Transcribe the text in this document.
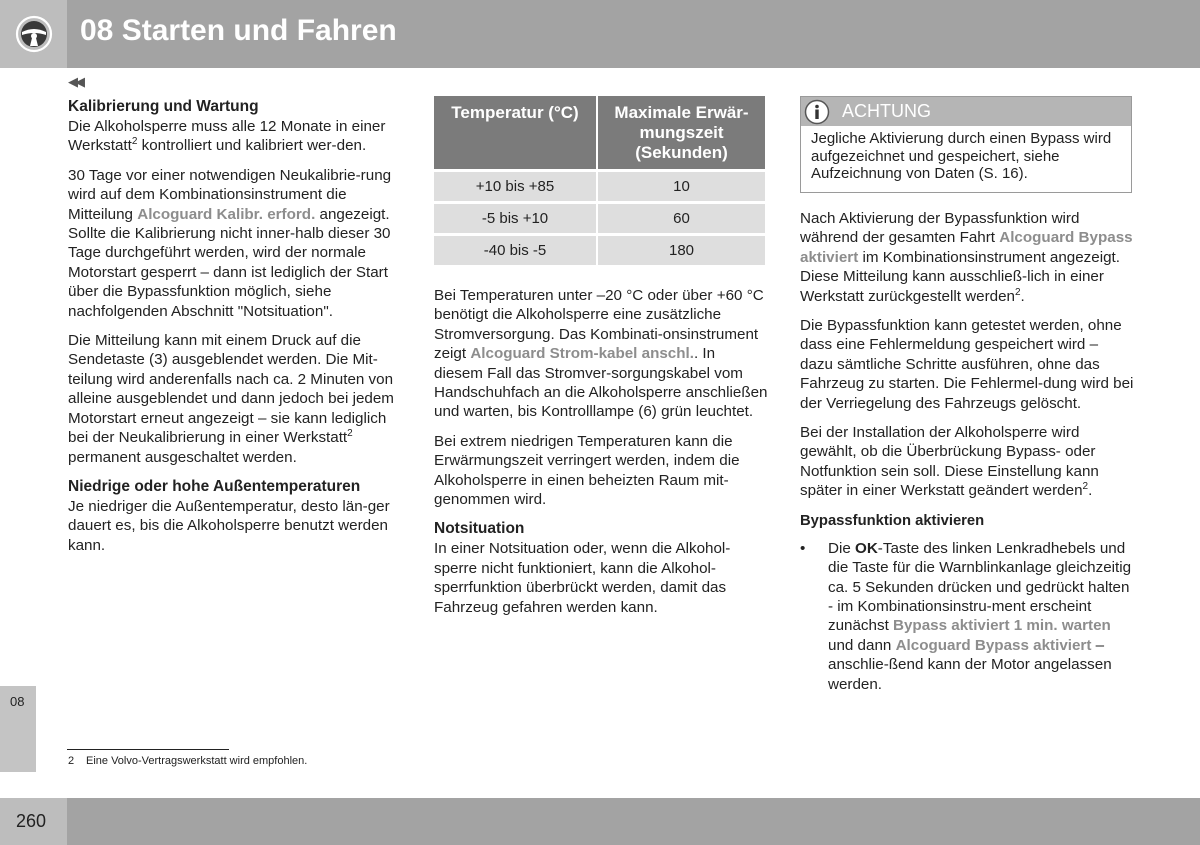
08 Starten und Fahren
◀◀
08
Kalibrierung und Wartung

Die Alkoholsperre muss alle 12 Monate in einer Werkstatt$^2$ kontrolliert und kalibriert wer-den.

30 Tage vor einer notwendigen Neukalibrie-rung wird auf dem Kombinationsinstrument die Mitteilung Alcoguard Kalibr. erford. angezeigt. Sollte die Kalibrierung nicht inner-halb dieser 30 Tage durchgeführt werden, wird der normale Motorstart gesperrt – dann ist lediglich der Start über die Bypassfunktion möglich, siehe nachfolgenden Abschnitt "Notsituation".

Die Mitteilung kann mit einem Druck auf die Sendetaste (3) ausgeblendet werden. Die Mit-teilung wird anderenfalls nach ca. 2 Minuten von alleine ausgeblendet und dann jedoch bei jedem Motorstart erneut angezeigt – sie kann lediglich bei der Neukalibrierung in einer Werkstatt$^2$ permanent ausgeschaltet werden.

Niedrige oder hohe Außentemperaturen

Je niedriger die Außentemperatur, desto län-ger dauert es, bis die Alkoholsperre benutzt werden kann.

Temperatur (°C)	Maximale Erwär-mungszeit (Sekunden)
+10 bis +85	10
-5 bis +10	60
-40 bis -5	180

Bei Temperaturen unter –20 °C oder über +60 °C benötigt die Alkoholsperre eine zusätzliche Stromversorgung. Das Kombinati-onsinstrument zeigt Alcoguard Strom-kabel anschl.. In diesem Fall das Stromver-sorgungskabel vom Handschuhfach an die Alkoholsperre anschließen und warten, bis Kontrolllampe (6) grün leuchtet.

Bei extrem niedrigen Temperaturen kann die Erwärmungszeit verringert werden, indem die Alkoholsperre in einen beheizten Raum mit-genommen wird.

Notsituation

In einer Notsituation oder, wenn die Alkohol-sperre nicht funktioniert, kann die Alkohol-sperrfunktion überbrückt werden, damit das Fahrzeug gefahren werden kann.

ACHTUNG
Jegliche Aktivierung durch einen Bypass wird aufgezeichnet und gespeichert, siehe Aufzeichnung von Daten (S. 16).

Nach Aktivierung der Bypassfunktion wird während der gesamten Fahrt Alcoguard Bypass aktiviert im Kombinationsinstrument angezeigt. Diese Mitteilung kann ausschließ-lich in einer Werkstatt zurückgestellt werden$^2$.

Die Bypassfunktion kann getestet werden, ohne dass eine Fehlermeldung gespeichert wird – dazu sämtliche Schritte ausführen, ohne das Fahrzeug zu starten. Die Fehlermel-dung wird bei der Verriegelung des Fahrzeugs gelöscht.

Bei der Installation der Alkoholsperre wird gewählt, ob die Überbrückung Bypass- oder Notfunktion sein soll. Diese Einstellung kann später in einer Werkstatt geändert werden$^2$.

Bypassfunktion aktivieren
• Die OK-Taste des linken Lenkradhebels und die Taste für die Warnblinkanlage gleichzeitig ca. 5 Sekunden drücken und gedrückt halten - im Kombinationsinstru-ment erscheint zunächst Bypass aktiviert 1 min. warten und dann Alcoguard Bypass aktiviert – anschlie-ßend kann der Motor angelassen werden.
2 Eine Volvo-Vertragswerkstatt wird empfohlen.
260
